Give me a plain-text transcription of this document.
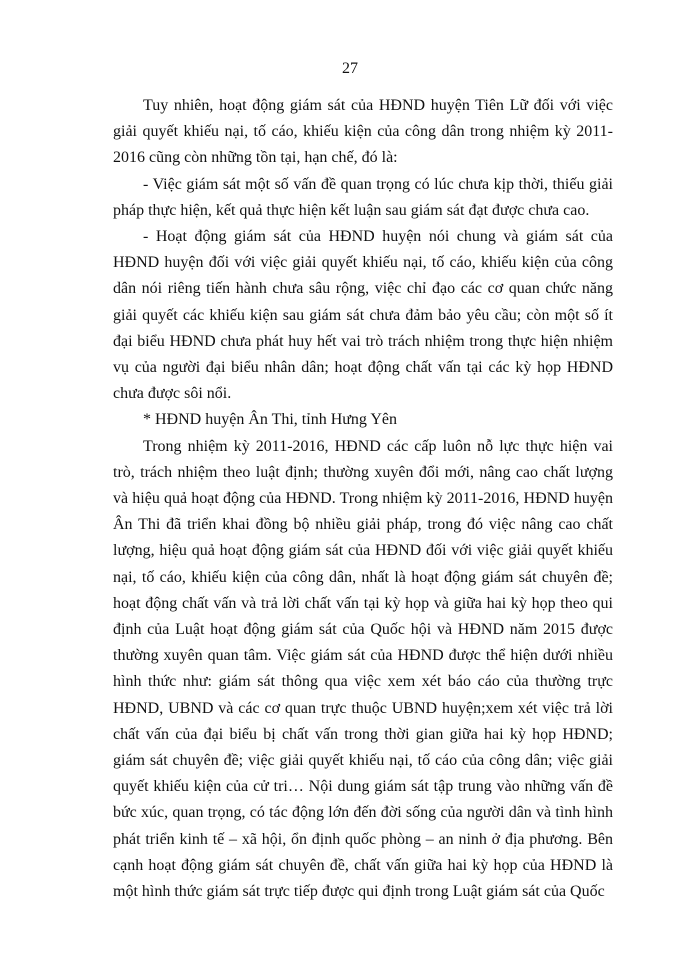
27

Tuy nhiên, hoạt động giám sát của HĐND huyện Tiên Lữ đối với việc giải quyết khiếu nại, tố cáo, khiếu kiện của công dân trong nhiệm kỳ 2011-2016 cũng còn những tồn tại, hạn chế, đó là:

- Việc giám sát một số vấn đề quan trọng có lúc chưa kịp thời, thiếu giải pháp thực hiện, kết quả thực hiện kết luận sau giám sát đạt được chưa cao.

- Hoạt động giám sát của HĐND huyện nói chung và giám sát của HĐND huyện đối với việc giải quyết khiếu nại, tố cáo, khiếu kiện của công dân nói riêng tiến hành chưa sâu rộng, việc chỉ đạo các cơ quan chức năng giải quyết các khiếu kiện sau giám sát chưa đảm bảo yêu cầu; còn một số ít đại biểu HĐND chưa phát huy hết vai trò trách nhiệm trong thực hiện nhiệm vụ của người đại biểu nhân dân; hoạt động chất vấn tại các kỳ họp HĐND chưa được sôi nổi.

* HĐND huyện Ân Thi, tỉnh Hưng Yên

Trong nhiệm kỳ 2011-2016, HĐND các cấp luôn nỗ lực thực hiện vai trò, trách nhiệm theo luật định; thường xuyên đổi mới, nâng cao chất lượng và hiệu quả hoạt động của HĐND. Trong nhiệm kỳ 2011-2016, HĐND huyện Ân Thi đã triển khai đồng bộ nhiều giải pháp, trong đó việc nâng cao chất lượng, hiệu quả hoạt động giám sát của HĐND đối với việc giải quyết khiếu nại, tố cáo, khiếu kiện của công dân, nhất là hoạt động giám sát chuyên đề; hoạt động chất vấn và trả lời chất vấn tại kỳ họp và giữa hai kỳ họp theo qui định của Luật hoạt động giám sát của Quốc hội và HĐND năm 2015 được thường xuyên quan tâm. Việc giám sát của HĐND được thể hiện dưới nhiều hình thức như: giám sát thông qua việc xem xét báo cáo của thường trực HĐND, UBND và các cơ quan trực thuộc UBND huyện;xem xét việc trả lời chất vấn của đại biểu bị chất vấn trong thời gian giữa hai kỳ họp HĐND; giám sát chuyên đề; việc giải quyết khiếu nại, tố cáo của công dân; việc giải quyết khiếu kiện của cử tri… Nội dung giám sát tập trung vào những vấn đề bức xúc, quan trọng, có tác động lớn đến đời sống của người dân và tình hình phát triển kinh tế – xã hội, ổn định quốc phòng – an ninh ở địa phương. Bên cạnh hoạt động giám sát chuyên đề, chất vấn giữa hai kỳ họp của HĐND là một hình thức giám sát trực tiếp được qui định trong Luật giám sát của Quốc
